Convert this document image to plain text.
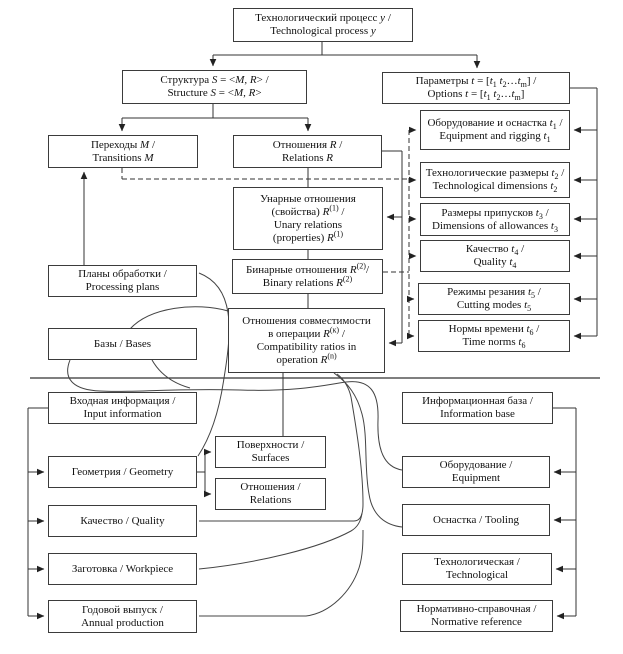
Технологический процесс y /
Technological process y
Структура S = <M, R> /
Structure S = <M, R>
Параметры $t = [t_1$ $t_2\dots t_m$] /
Options $t = [t_1$ $t_2\dots t_m$]
Переходы M /
Transitions M
Отношения R /
Relations R
Оборудование и оснастка $t_1$ /
Equipment and rigging $t_1$
Технологические размеры $t_2$ /
Technological dimensions $t_2$
Размеры припусков $t_3$ /
Dimensions of allowances $t_3$
Качество $t_4$ /
Quality $t_4$
Режимы резания $t_5$ /
Cutting modes $t_5$
Нормы времени $t_6$ /
Time norms $t_6$
Унарные отношения
(свойства) $R^{(1)}$ /
Unary relations
(properties) $R^{(1)}$
Планы обработки /
Processing plans
Бинарные отношения $R^{(2)}/$
Binary relations $R^{(2)}$
Базы / Bases
Отношения совместимости
в операции $R^{(к)}$ /
Compatibility ratios in
operation $R^{(n)}$
Входная информация /
Input information
Геометрия / Geometry
Качество / Quality
Заготовка / Workpiece
Годовой выпуск /
Annual production
Поверхности /
Surfaces
Отношения /
Relations
Информационная база /
Information base
Оборудование /
Equipment
Оснастка / Tooling
Технологическая /
Technological
Нормативно-справочная /
Normative reference
